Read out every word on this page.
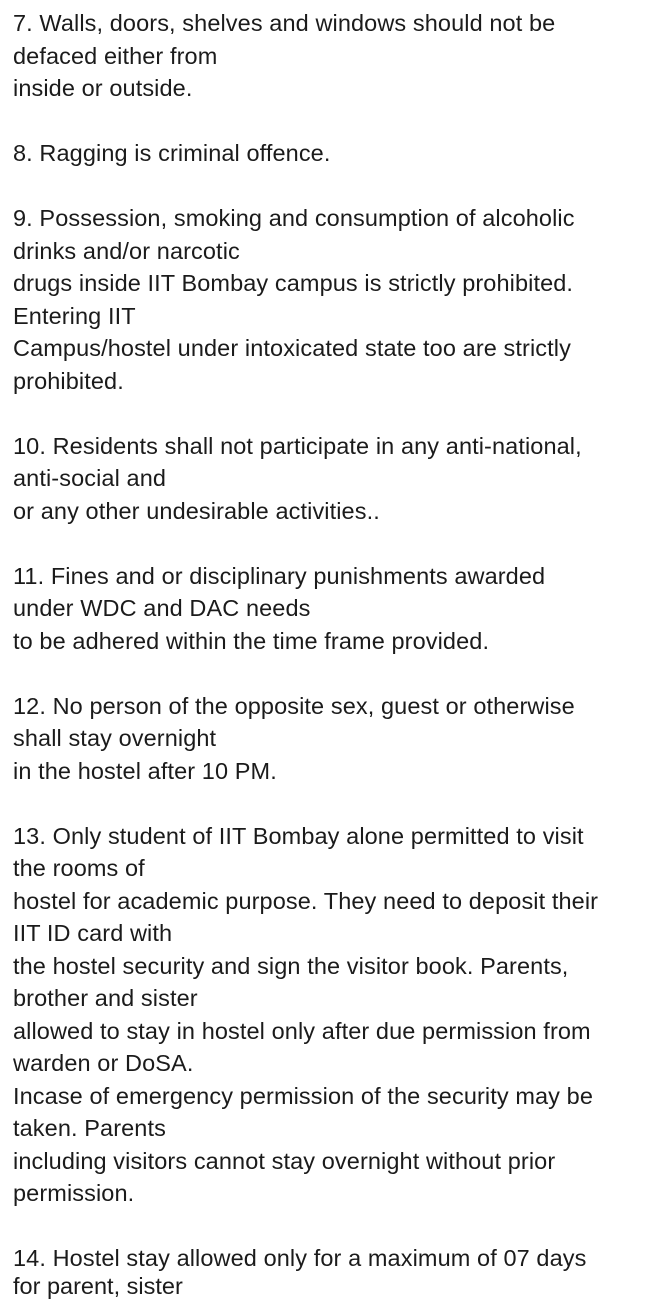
7. Walls, doors, shelves and windows should not be
defaced either from
inside or outside.
8. Ragging is criminal offence.
9. Possession, smoking and consumption of alcoholic
drinks and/or narcotic
drugs inside IIT Bombay campus is strictly prohibited.
Entering IIT
Campus/hostel under intoxicated state too are strictly
prohibited.
10. Residents shall not participate in any anti-national,
anti-social and
or any other undesirable activities..
11. Fines and or disciplinary punishments awarded
under WDC and DAC needs
to be adhered within the time frame provided.
12. No person of the opposite sex, guest or otherwise
shall stay overnight
in the hostel after 10 PM.
13. Only student of IIT Bombay alone permitted to visit
the rooms of
hostel for academic purpose. They need to deposit their
IIT ID card with
the hostel security and sign the visitor book. Parents,
brother and sister
allowed to stay in hostel only after due permission from
warden or DoSA.
Incase of emergency permission of the security may be
taken. Parents
including visitors cannot stay overnight without prior
permission.
14. Hostel stay allowed only for a maximum of 07 days
for parent, sister
